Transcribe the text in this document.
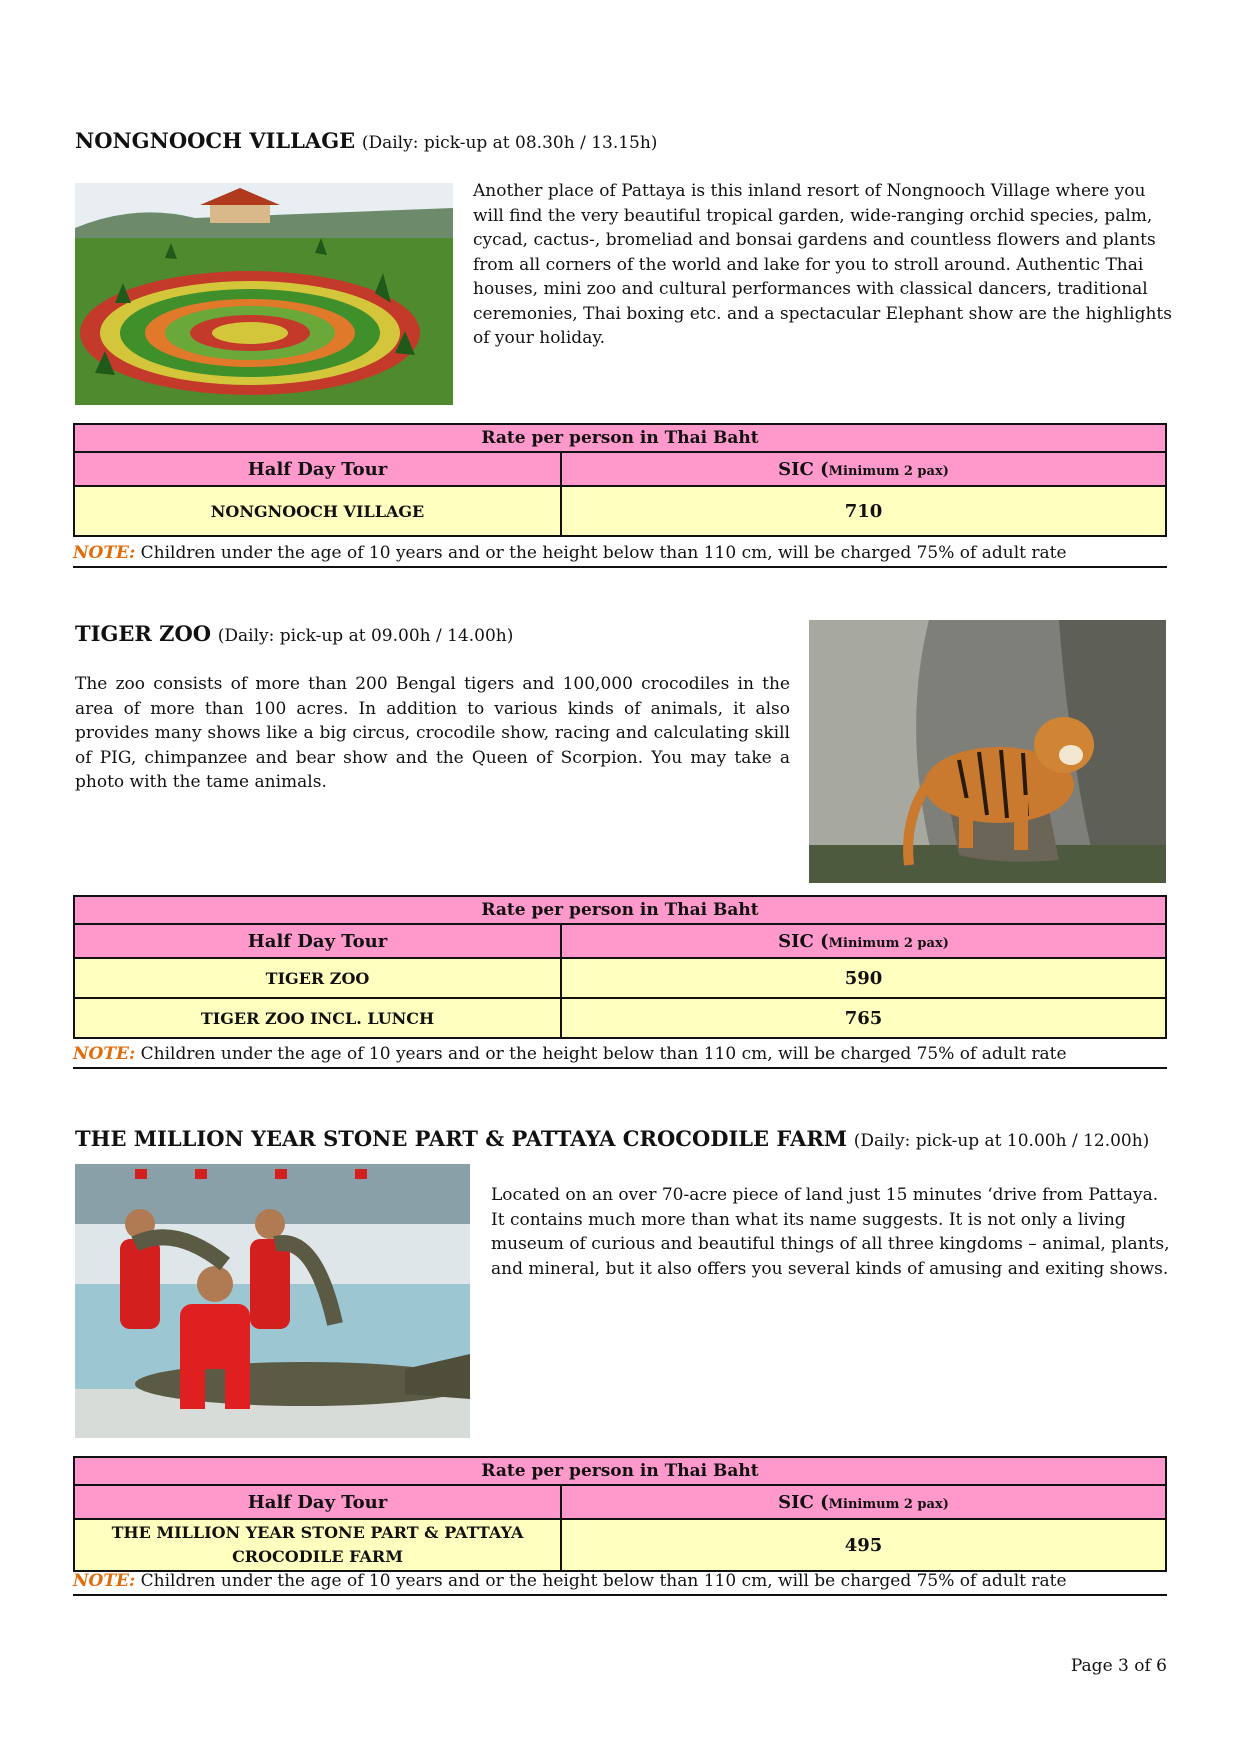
NONGNOOCH VILLAGE (Daily: pick-up at 08.30h / 13.15h)
Another place of Pattaya is this inland resort of Nongnooch Village where you will find the very beautiful tropical garden, wide-ranging orchid species, palm, cycad, cactus-, bromeliad and bonsai gardens and countless flowers and plants from all corners of the world and lake for you to stroll around. Authentic Thai houses, mini zoo and cultural performances with classical dancers, traditional ceremonies, Thai boxing etc. and a spectacular Elephant show are the highlights of your holiday.
Rate per person in Thai Baht	
Half Day Tour	SIC (Minimum 2 pax)
NONGNOOCH VILLAGE	710
NOTE: Children under the age of 10 years and or the height below than 110 cm, will be charged 75% of adult rate
TIGER ZOO (Daily: pick-up at 09.00h / 14.00h)
The zoo consists of more than 200 Bengal tigers and 100,000 crocodiles in the area of more than 100 acres. In addition to various kinds of animals, it also provides many shows like a big circus, crocodile show, racing and calculating skill of PIG, chimpanzee and bear show and the Queen of Scorpion. You may take a photo with the tame animals.
Rate per person in Thai Baht	
Half Day Tour	SIC (Minimum 2 pax)
TIGER ZOO	590
TIGER ZOO INCL. LUNCH	765
NOTE: Children under the age of 10 years and or the height below than 110 cm, will be charged 75% of adult rate
THE MILLION YEAR STONE PART & PATTAYA CROCODILE FARM (Daily: pick-up at 10.00h / 12.00h)
Located on an over 70-acre piece of land just 15 minutes ‘drive from Pattaya. It contains much more than what its name suggests. It is not only a living museum of curious and beautiful things of all three kingdoms – animal, plants, and mineral, but it also offers you several kinds of amusing and exiting shows.
Rate per person in Thai Baht	
Half Day Tour	SIC (Minimum 2 pax)
THE MILLION YEAR STONE PART & PATTAYA CROCODILE FARM	495
NOTE: Children under the age of 10 years and or the height below than 110 cm, will be charged 75% of adult rate
Page 3 of 6
